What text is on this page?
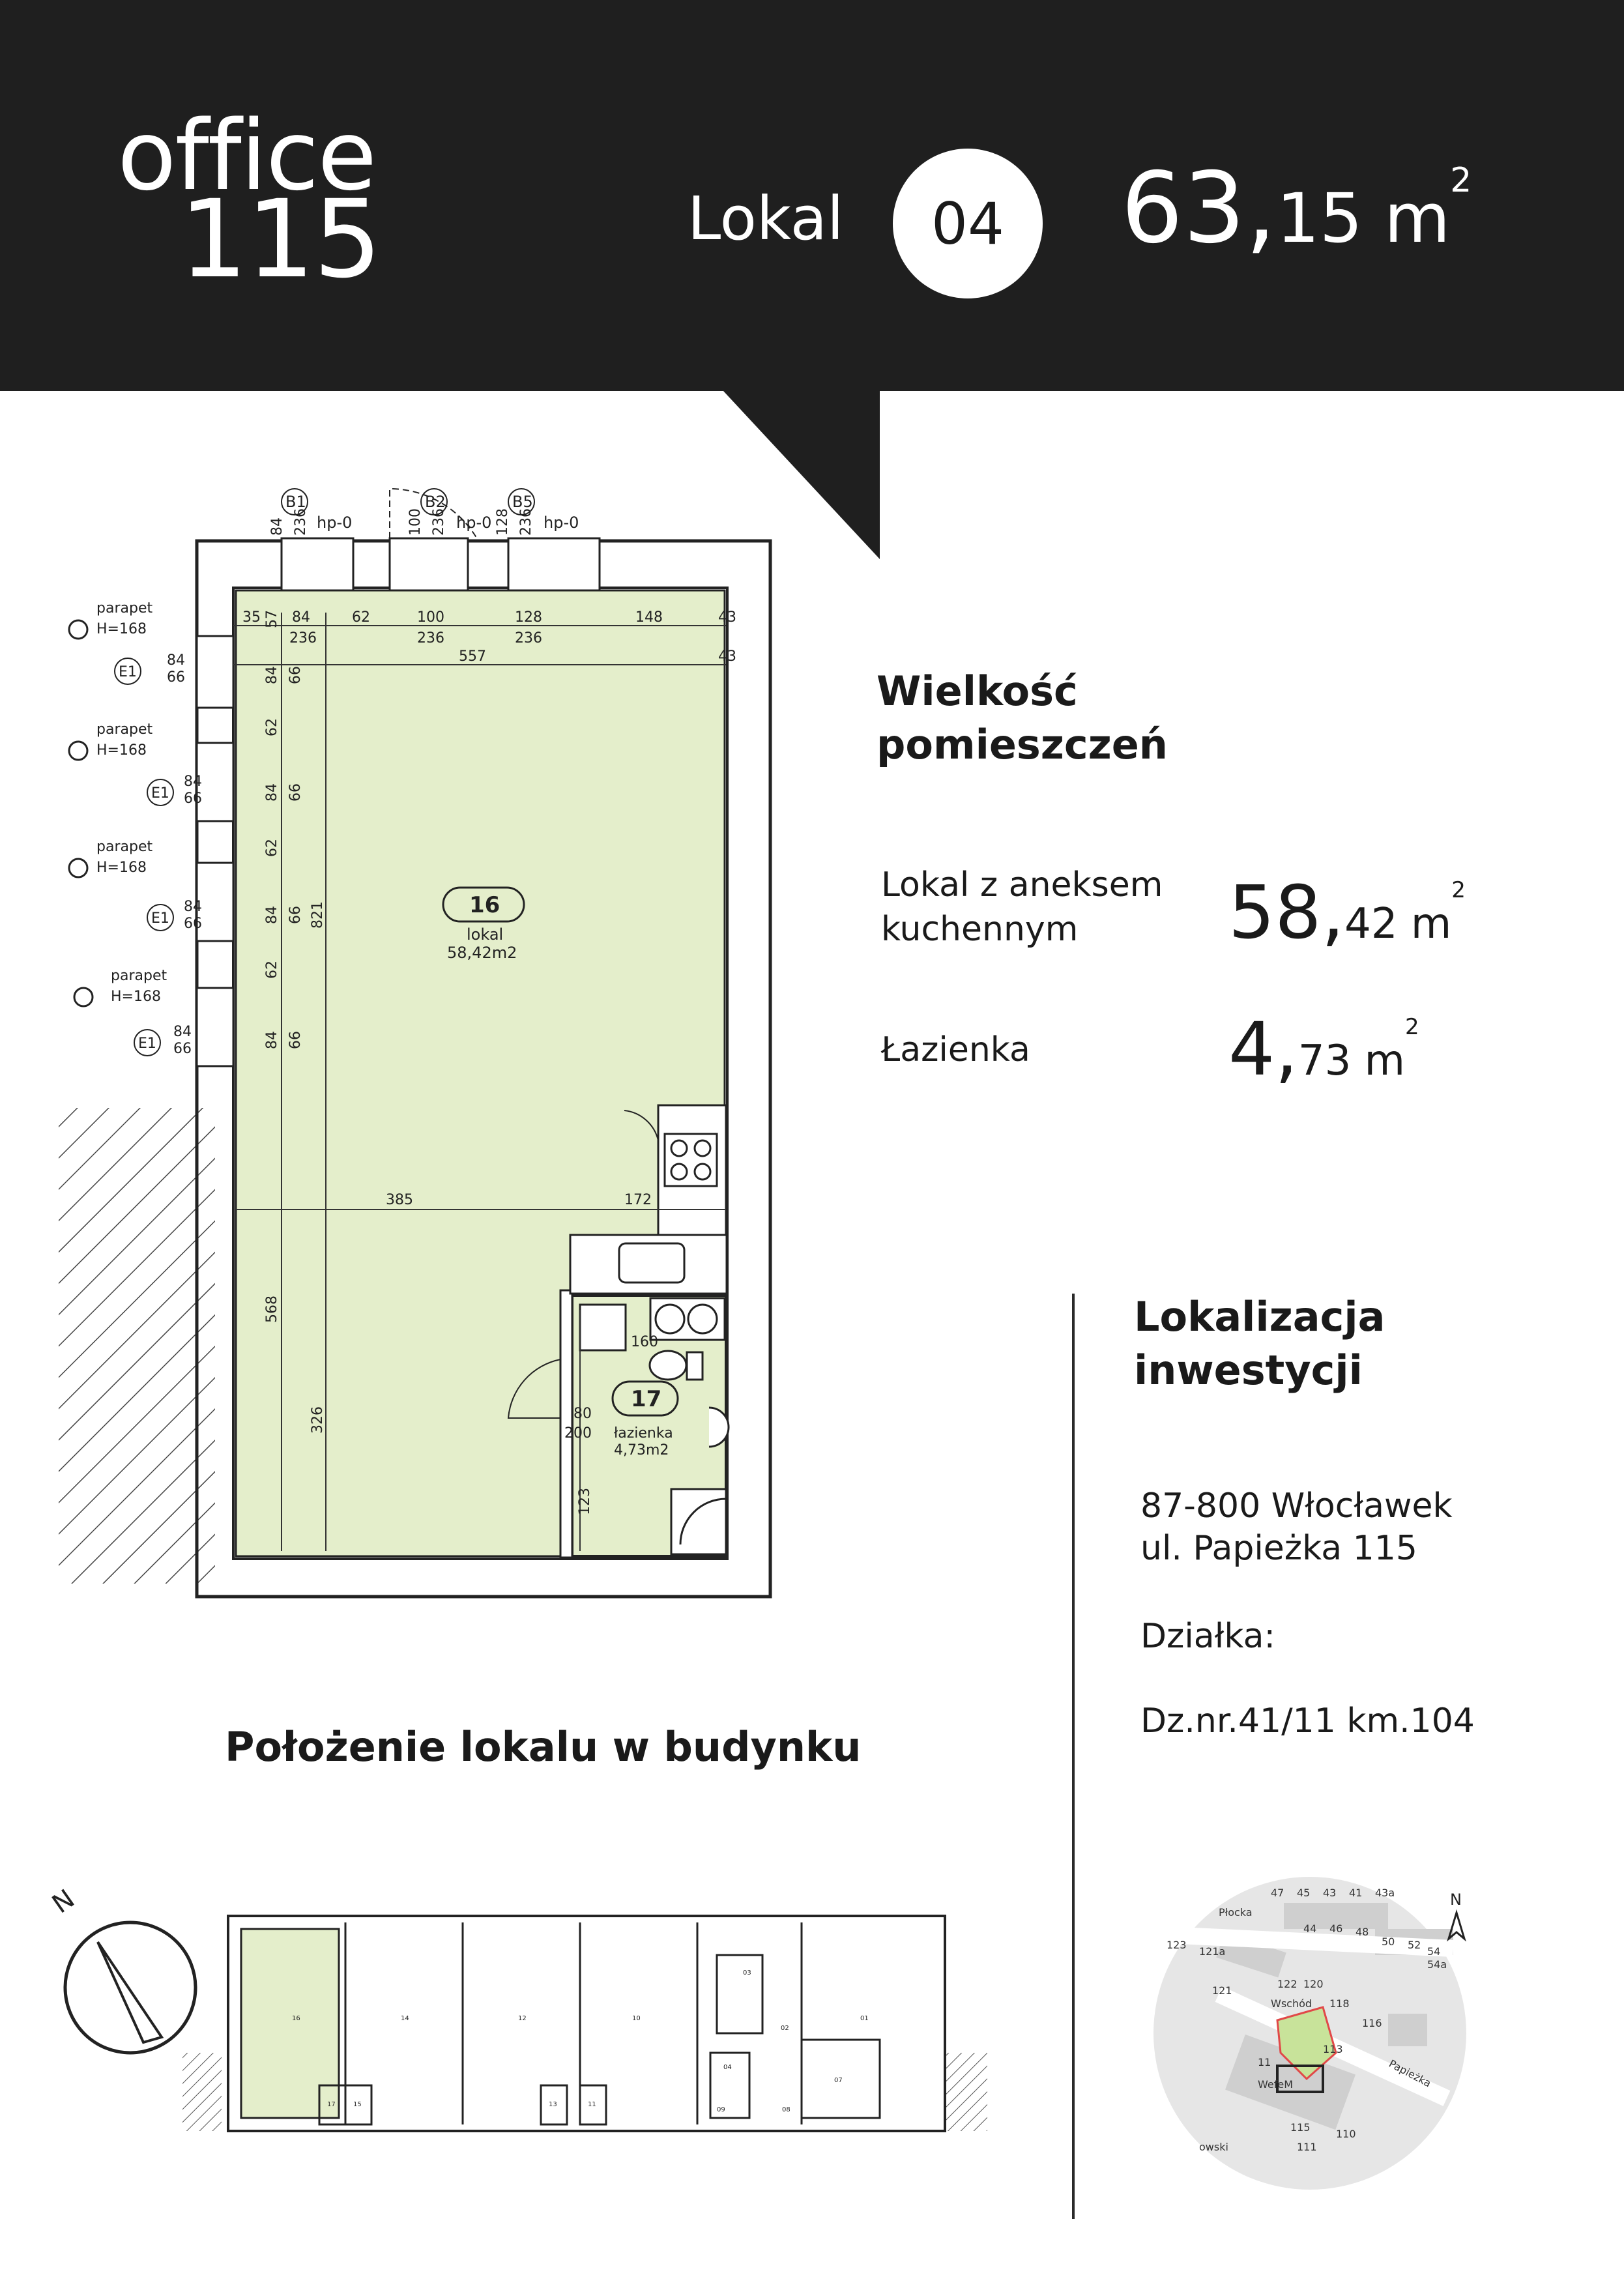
office
115	Lokal 04 63,15 $m^2$
35 84
236
62	100
236
128
236
148	43
557	43
385	172
160
80
200
821
568
326
123
57
84 66
62
84 66
62
84 66
62
84 66
84 236	100 236	128 236
B1
hp-0
B2
hp-0
B5
hp-0
parapet
H=168
E1
84
66
parapet
H=168
E1
84
66
parapet
H=168
E1
84
66
parapet
H=168
E1
84
66
16
lokal
58,42m2
17
łazienka
4,73m2
Wielkość
pomieszczeń
Lokal z aneksem
kuchennym	58,42 $m^2$
Łazienka	4,73 $m^2$
Lokalizacja
inwestycji
87-800 Włocławek
ul. Papieżka 115
Działka:
Dz.nr.41/11 km.104
Położenie lokalu w budynku
N
16	14	12	10	01
03
04
02
07
08
09
17	15	13	11
Płocka
Wschód
Papieżka
WefeM
owski
123
121a
121
122 120
118
116
115
111
110
113
47 45 43 41
44 46 48
50 52
54
54a
43a
11
N
